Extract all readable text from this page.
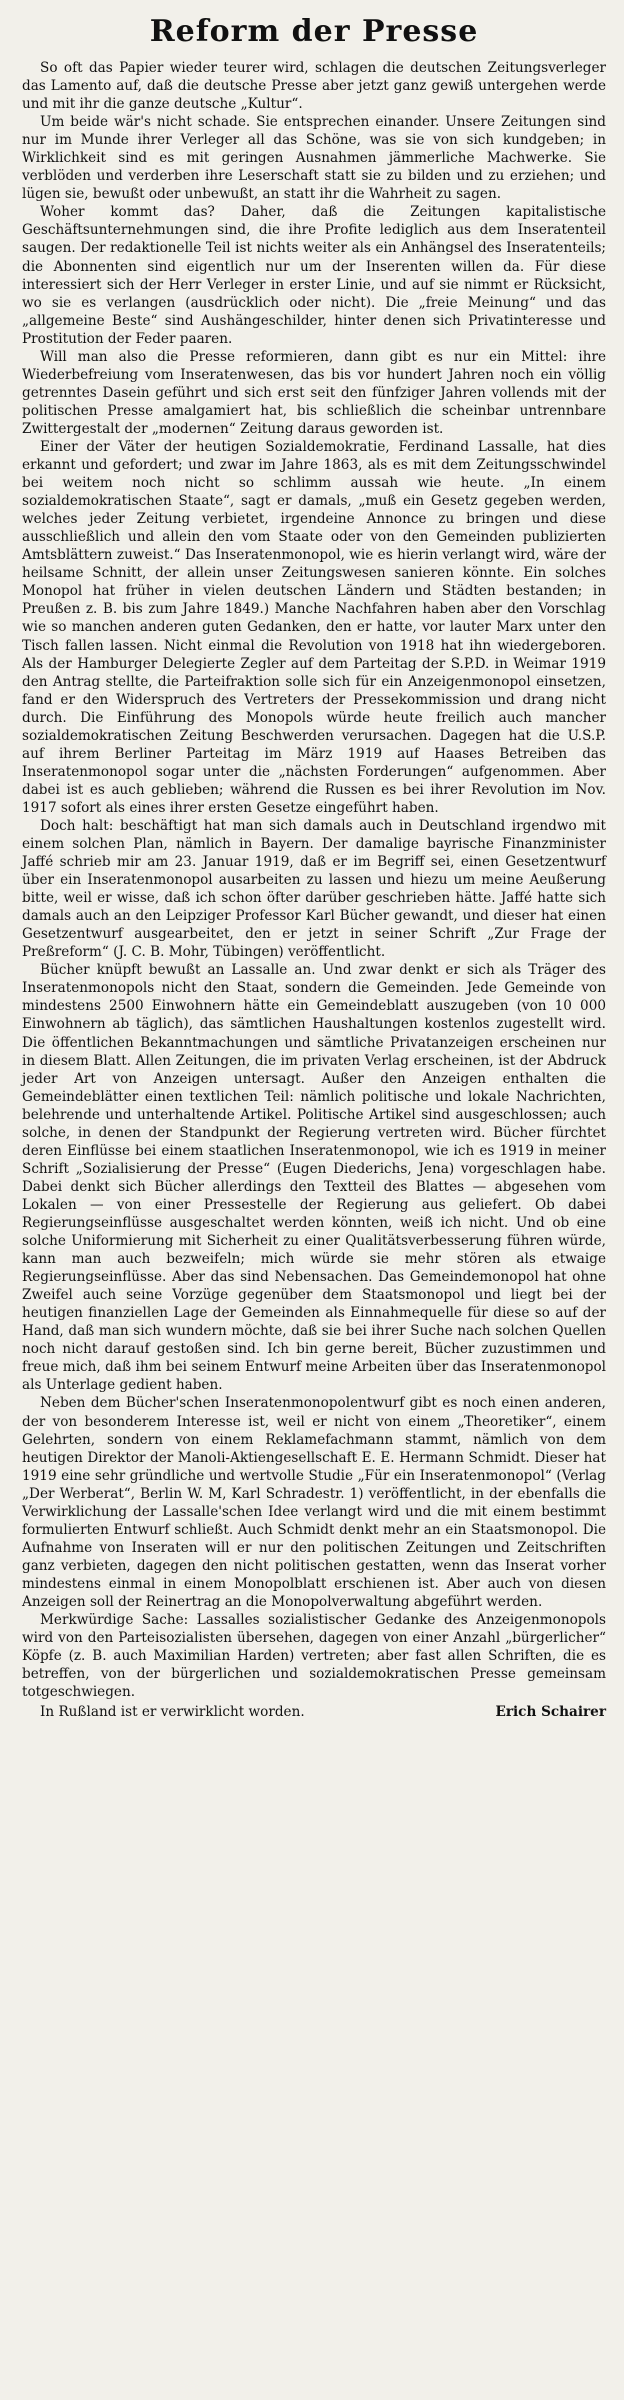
Reform der Presse

So oft das Papier wieder teurer wird, schlagen die deutschen Zeitungsverleger das Lamento auf, daß die deutsche Presse aber jetzt ganz gewiß untergehen werde und mit ihr die ganze deutsche „Kultur“.

Um beide wär's nicht schade. Sie entsprechen einander. Unsere Zeitungen sind nur im Munde ihrer Verleger all das Schöne, was sie von sich kundgeben; in Wirklichkeit sind es mit geringen Ausnahmen jämmerliche Machwerke. Sie verblöden und verderben ihre Leserschaft statt sie zu bilden und zu erziehen; und lügen sie, bewußt oder unbewußt, an statt ihr die Wahrheit zu sagen.

Woher kommt das? Daher, daß die Zeitungen kapitalistische Geschäftsunternehmungen sind, die ihre Profite lediglich aus dem Inseratenteil saugen. Der redaktionelle Teil ist nichts weiter als ein Anhängsel des Inseratenteils; die Abonnenten sind eigentlich nur um der Inserenten willen da. Für diese interessiert sich der Herr Verleger in erster Linie, und auf sie nimmt er Rücksicht, wo sie es verlangen (ausdrücklich oder nicht). Die „freie Meinung“ und das „allgemeine Beste“ sind Aushängeschilder, hinter denen sich Privatinteresse und Prostitution der Feder paaren.

Will man also die Presse reformieren, dann gibt es nur ein Mittel: ihre Wiederbefreiung vom Inseratenwesen, das bis vor hundert Jahren noch ein völlig getrenntes Dasein geführt und sich erst seit den fünfziger Jahren vollends mit der politischen Presse amalgamiert hat, bis schließlich die scheinbar untrennbare Zwittergestalt der „modernen“ Zeitung daraus geworden ist.

Einer der Väter der heutigen Sozialdemokratie, Ferdinand Lassalle, hat dies erkannt und gefordert; und zwar im Jahre 1863, als es mit dem Zeitungsschwindel bei weitem noch nicht so schlimm aussah wie heute. „In einem sozialdemokratischen Staate“, sagt er damals, „muß ein Gesetz gegeben werden, welches jeder Zeitung verbietet, irgendeine Annonce zu bringen und diese ausschließlich und allein den vom Staate oder von den Gemeinden publizierten Amtsblättern zuweist.“ Das Inseratenmonopol, wie es hierin verlangt wird, wäre der heilsame Schnitt, der allein unser Zeitungswesen sanieren könnte. Ein solches Monopol hat früher in vielen deutschen Ländern und Städten bestanden; in Preußen z. B. bis zum Jahre 1849.) Manche Nachfahren haben aber den Vorschlag wie so manchen anderen guten Gedanken, den er hatte, vor lauter Marx unter den Tisch fallen lassen. Nicht einmal die Revolution von 1918 hat ihn wiedergeboren. Als der Hamburger Delegierte Zegler auf dem Parteitag der S.P.D. in Weimar 1919 den Antrag stellte, die Parteifraktion solle sich für ein Anzeigenmonopol einsetzen, fand er den Widerspruch des Vertreters der Pressekommission und drang nicht durch. Die Einführung des Monopols würde heute freilich auch mancher sozialdemokratischen Zeitung Beschwerden verursachen. Dagegen hat die U.S.P. auf ihrem Berliner Parteitag im März 1919 auf Haases Betreiben das Inseratenmonopol sogar unter die „nächsten Forderungen“ aufgenommen. Aber dabei ist es auch geblieben; während die Russen es bei ihrer Revolution im Nov. 1917 sofort als eines ihrer ersten Gesetze eingeführt haben.

Doch halt: beschäftigt hat man sich damals auch in Deutschland irgendwo mit einem solchen Plan, nämlich in Bayern. Der damalige bayrische Finanzminister Jaffé schrieb mir am 23. Januar 1919, daß er im Begriff sei, einen Gesetzentwurf über ein Inseratenmonopol ausarbeiten zu lassen und hiezu um meine Aeußerung bitte, weil er wisse, daß ich schon öfter darüber geschrieben hätte. Jaffé hatte sich damals auch an den Leipziger Professor Karl Bücher gewandt, und dieser hat einen Gesetzentwurf ausgearbeitet, den er jetzt in seiner Schrift „Zur Frage der Preßreform“ (J. C. B. Mohr, Tübingen) veröffentlicht.

Bücher knüpft bewußt an Lassalle an. Und zwar denkt er sich als Träger des Inseratenmonopols nicht den Staat, sondern die Gemeinden. Jede Gemeinde von mindestens 2500 Einwohnern hätte ein Gemeindeblatt auszugeben (von 10 000 Einwohnern ab täglich), das sämtlichen Haushaltungen kostenlos zugestellt wird. Die öffentlichen Bekanntmachungen und sämtliche Privatanzeigen erscheinen nur in diesem Blatt. Allen Zeitungen, die im privaten Verlag erscheinen, ist der Abdruck jeder Art von Anzeigen untersagt. Außer den Anzeigen enthalten die Gemeindeblätter einen textlichen Teil: nämlich politische und lokale Nachrichten, belehrende und unterhaltende Artikel. Politische Artikel sind ausgeschlossen; auch solche, in denen der Standpunkt der Regierung vertreten wird. Bücher fürchtet deren Einflüsse bei einem staatlichen Inseratenmonopol, wie ich es 1919 in meiner Schrift „Sozialisierung der Presse“ (Eugen Diederichs, Jena) vorgeschlagen habe. Dabei denkt sich Bücher allerdings den Textteil des Blattes — abgesehen vom Lokalen — von einer Pressestelle der Regierung aus geliefert. Ob dabei Regierungseinflüsse ausgeschaltet werden könnten, weiß ich nicht. Und ob eine solche Uniformierung mit Sicherheit zu einer Qualitätsverbesserung führen würde, kann man auch bezweifeln; mich würde sie mehr stören als etwaige Regierungseinflüsse. Aber das sind Nebensachen. Das Gemeindemonopol hat ohne Zweifel auch seine Vorzüge gegenüber dem Staatsmonopol und liegt bei der heutigen finanziellen Lage der Gemeinden als Einnahmequelle für diese so auf der Hand, daß man sich wundern möchte, daß sie bei ihrer Suche nach solchen Quellen noch nicht darauf gestoßen sind. Ich bin gerne bereit, Bücher zuzustimmen und freue mich, daß ihm bei seinem Entwurf meine Arbeiten über das Inseratenmonopol als Unterlage gedient haben.

Neben dem Bücher'schen Inseratenmonopolentwurf gibt es noch einen anderen, der von besonderem Interesse ist, weil er nicht von einem „Theoretiker“, einem Gelehrten, sondern von einem Reklamefachmann stammt, nämlich von dem heutigen Direktor der Manoli-Aktiengesellschaft E. E. Hermann Schmidt. Dieser hat 1919 eine sehr gründliche und wertvolle Studie „Für ein Inseratenmonopol“ (Verlag „Der Werberat“, Berlin W. M, Karl Schradestr. 1) veröffentlicht, in der ebenfalls die Verwirklichung der Lassalle'schen Idee verlangt wird und die mit einem bestimmt formulierten Entwurf schließt. Auch Schmidt denkt mehr an ein Staatsmonopol. Die Aufnahme von Inseraten will er nur den politischen Zeitungen und Zeitschriften ganz verbieten, dagegen den nicht politischen gestatten, wenn das Inserat vorher mindestens einmal in einem Monopolblatt erschienen ist. Aber auch von diesen Anzeigen soll der Reinertrag an die Monopolverwaltung abgeführt werden.

Merkwürdige Sache: Lassalles sozialistischer Gedanke des Anzeigenmonopols wird von den Parteisozialisten übersehen, dagegen von einer Anzahl „bürgerlicher“ Köpfe (z. B. auch Maximilian Harden) vertreten; aber fast allen Schriften, die es betreffen, von der bürgerlichen und sozialdemokratischen Presse gemeinsam totgeschwiegen.

In Rußland ist er verwirklicht worden.	Erich Schairer
